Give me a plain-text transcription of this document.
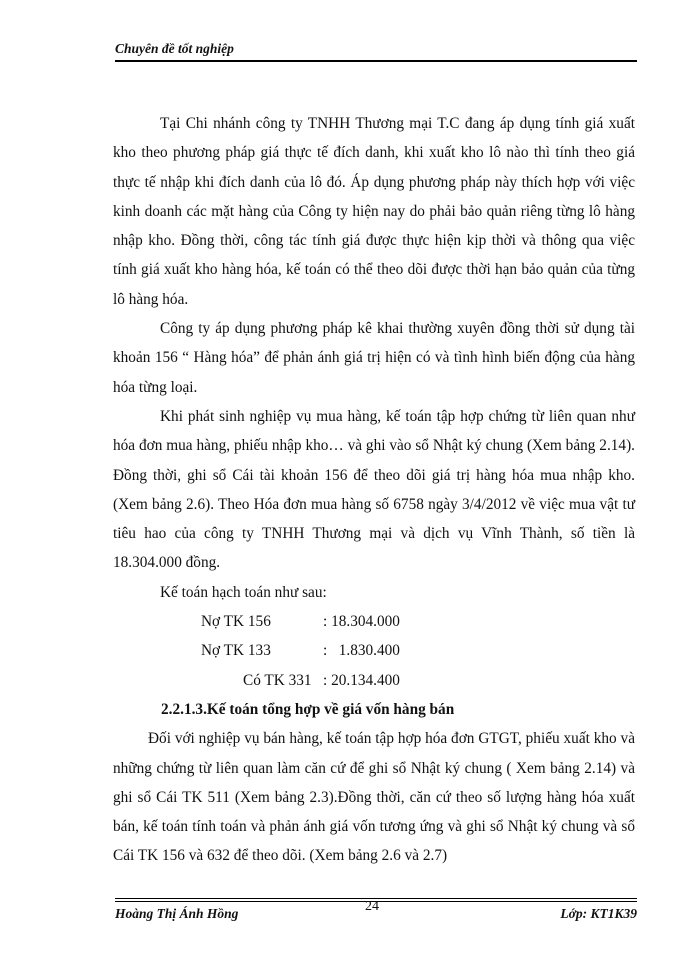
Chuyên đề tốt nghiệp

Tại Chi nhánh công ty TNHH Thương mại T.C đang áp dụng tính giá xuất kho theo phương pháp giá thực tế đích danh, khi xuất kho lô nào thì tính theo giá thực tế nhập khi đích danh của lô đó. Áp dụng phương pháp này thích hợp với việc kinh doanh các mặt hàng của Công ty hiện nay do phải bảo quản riêng từng lô hàng nhập kho. Đồng thời, công tác tính giá được thực hiện kịp thời và thông qua việc tính giá xuất kho hàng hóa, kế toán có thể theo dõi được thời hạn bảo quản của từng lô hàng hóa.

Công ty áp dụng phương pháp kê khai thường xuyên đồng thời sử dụng tài khoản 156 “ Hàng hóa” để phản ánh giá trị hiện có và tình hình biến động của hàng hóa từng loại.

Khi phát sinh nghiệp vụ mua hàng, kế toán tập hợp chứng từ liên quan như hóa đơn mua hàng, phiếu nhập kho… và ghi vào sổ Nhật ký chung (Xem bảng 2.14). Đồng thời, ghi sổ Cái tài khoản 156 để theo dõi giá trị hàng hóa mua nhập kho. (Xem bảng 2.6). Theo Hóa đơn mua hàng số 6758 ngày 3/4/2012 về việc mua vật tư tiêu hao của công ty TNHH Thương mại và dịch vụ Vĩnh Thành, số tiền là 18.304.000 đồng.

Kế toán hạch toán như sau:

Nợ TK 156	: 18.304.000
Nợ TK 133	:   1.830.400
Có TK 331 : 20.134.400
2.2.1.3.Kế toán tổng hợp về giá vốn hàng bán

Đối với nghiệp vụ bán hàng, kế toán tập hợp hóa đơn GTGT, phiếu xuất kho và những chứng từ liên quan làm căn cứ để ghi sổ Nhật ký chung ( Xem bảng 2.14) và ghi sổ Cái TK 511 (Xem bảng 2.3).Đồng thời, căn cứ theo số lượng hàng hóa xuất bán, kế toán tính toán và phản ánh giá vốn tương ứng và ghi sổ Nhật ký chung và sổ Cái TK 156 và 632 để theo dõi. (Xem bảng 2.6 và 2.7)

Hoàng Thị Ánh Hồng	24	Lớp: KT1K39
